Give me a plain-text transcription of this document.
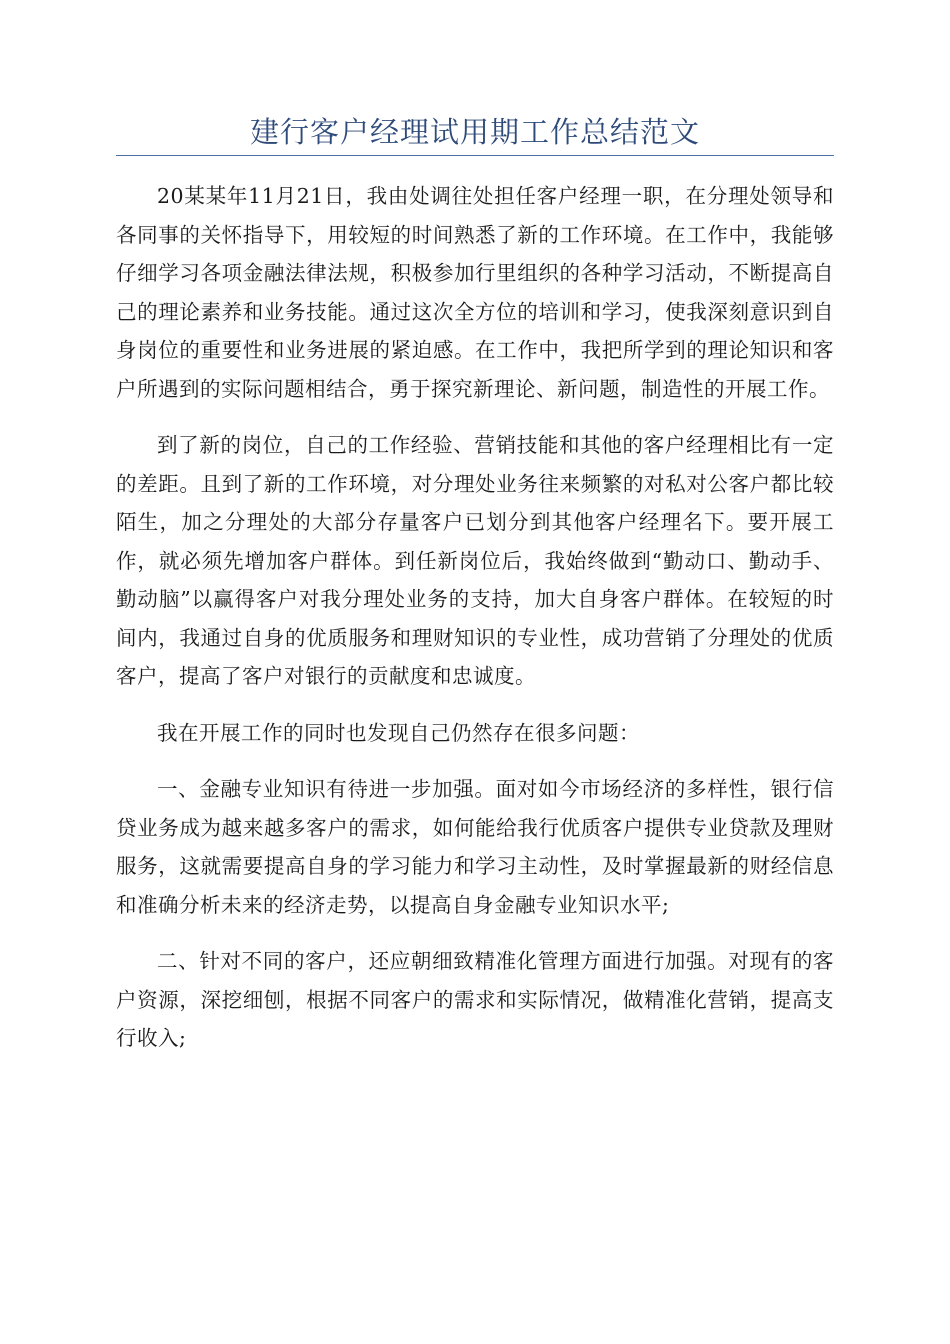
建行客户经理试用期工作总结范文

20某某年11月21日，我由处调往处担任客户经理一职，在分理处领导和各同事的关怀指导下，用较短的时间熟悉了新的工作环境。在工作中，我能够仔细学习各项金融法律法规，积极参加行里组织的各种学习活动，不断提高自己的理论素养和业务技能。通过这次全方位的培训和学习，使我深刻意识到自身岗位的重要性和业务进展的紧迫感。在工作中，我把所学到的理论知识和客户所遇到的实际问题相结合，勇于探究新理论、新问题，制造性的开展工作。

到了新的岗位，自己的工作经验、营销技能和其他的客户经理相比有一定的差距。且到了新的工作环境，对分理处业务往来频繁的对私对公客户都比较陌生，加之分理处的大部分存量客户已划分到其他客户经理名下。要开展工作，就必须先增加客户群体。到任新岗位后，我始终做到“勤动口、勤动手、勤动脑”以赢得客户对我分理处业务的支持，加大自身客户群体。在较短的时间内，我通过自身的优质服务和理财知识的专业性，成功营销了分理处的优质客户，提高了客户对银行的贡献度和忠诚度。

我在开展工作的同时也发现自己仍然存在很多问题：

一、金融专业知识有待进一步加强。面对如今市场经济的多样性，银行信贷业务成为越来越多客户的需求，如何能给我行优质客户提供专业贷款及理财服务，这就需要提高自身的学习能力和学习主动性，及时掌握最新的财经信息和准确分析未来的经济走势，以提高自身金融专业知识水平;

二、针对不同的客户，还应朝细致精准化管理方面进行加强。对现有的客户资源，深挖细刨，根据不同客户的需求和实际情况，做精准化营销，提高支行收入;
